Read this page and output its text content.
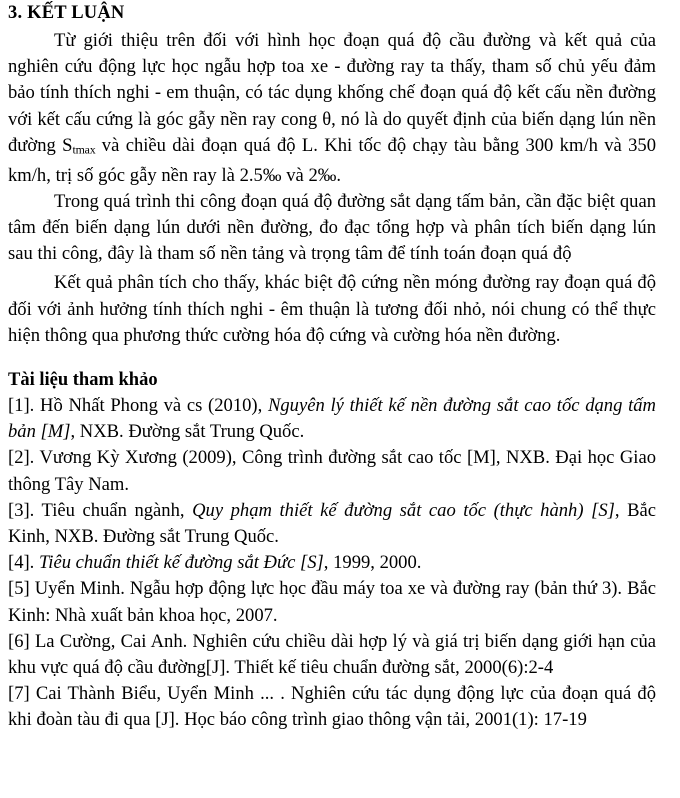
3. KẾT LUẬN

Từ giới thiệu trên đối với hình học đoạn quá độ cầu đường và kết quả của nghiên cứu động lực học ngẫu hợp toa xe - đường ray ta thấy, tham số chủ yếu đảm bảo tính thích nghi - em thuận, có tác dụng khống chế đoạn quá độ kết cấu nền đường với kết cấu cứng là góc gẫy nền ray cong θ, nó là do quyết định của biến dạng lún nền đường $S_{tmax}$ và chiều dài đoạn quá độ L. Khi tốc độ chạy tàu bằng 300 km/h và 350 km/h, trị số góc gẫy nền ray là 2.5‰ và 2‰.

Trong quá trình thi công đoạn quá độ đường sắt dạng tấm bản, cần đặc biệt quan tâm đến biến dạng lún dưới nền đường, đo đạc tổng hợp và phân tích biến dạng lún sau thi công, đây là tham số nền tảng và trọng tâm để tính toán đoạn quá độ

Kết quả phân tích cho thấy, khác biệt độ cứng nền móng đường ray đoạn quá độ đối với ảnh hưởng tính thích nghi - êm thuận là tương đối nhỏ, nói chung có thể thực hiện thông qua phương thức cường hóa độ cứng và cường hóa nền đường.

Tài liệu tham khảo

[1]. Hồ Nhất Phong và cs (2010), Nguyên lý thiết kế nền đường sắt cao tốc dạng tấm bản [M], NXB. Đường sắt Trung Quốc.

[2]. Vương Kỳ Xương (2009), Công trình đường sắt cao tốc [M], NXB. Đại học Giao thông Tây Nam.

[3]. Tiêu chuẩn ngành, Quy phạm thiết kế đường sắt cao tốc (thực hành) [S], Bắc Kinh, NXB. Đường sắt Trung Quốc.

[4]. Tiêu chuẩn thiết kế đường sắt Đức [S], 1999, 2000.

[5] Uyển Minh. Ngẫu hợp động lực học đầu máy toa xe và đường ray (bản thứ 3). Bắc Kinh: Nhà xuất bản khoa học, 2007.

[6] La Cường, Cai Anh. Nghiên cứu chiều dài hợp lý và giá trị biến dạng giới hạn của khu vực quá độ cầu đường[J]. Thiết kế tiêu chuẩn đường sắt, 2000(6):2-4

[7] Cai Thành Biểu, Uyển Minh ... . Nghiên cứu tác dụng động lực của đoạn quá độ khi đoàn tàu đi qua [J]. Học báo công trình giao thông vận tải, 2001(1): 17-19
